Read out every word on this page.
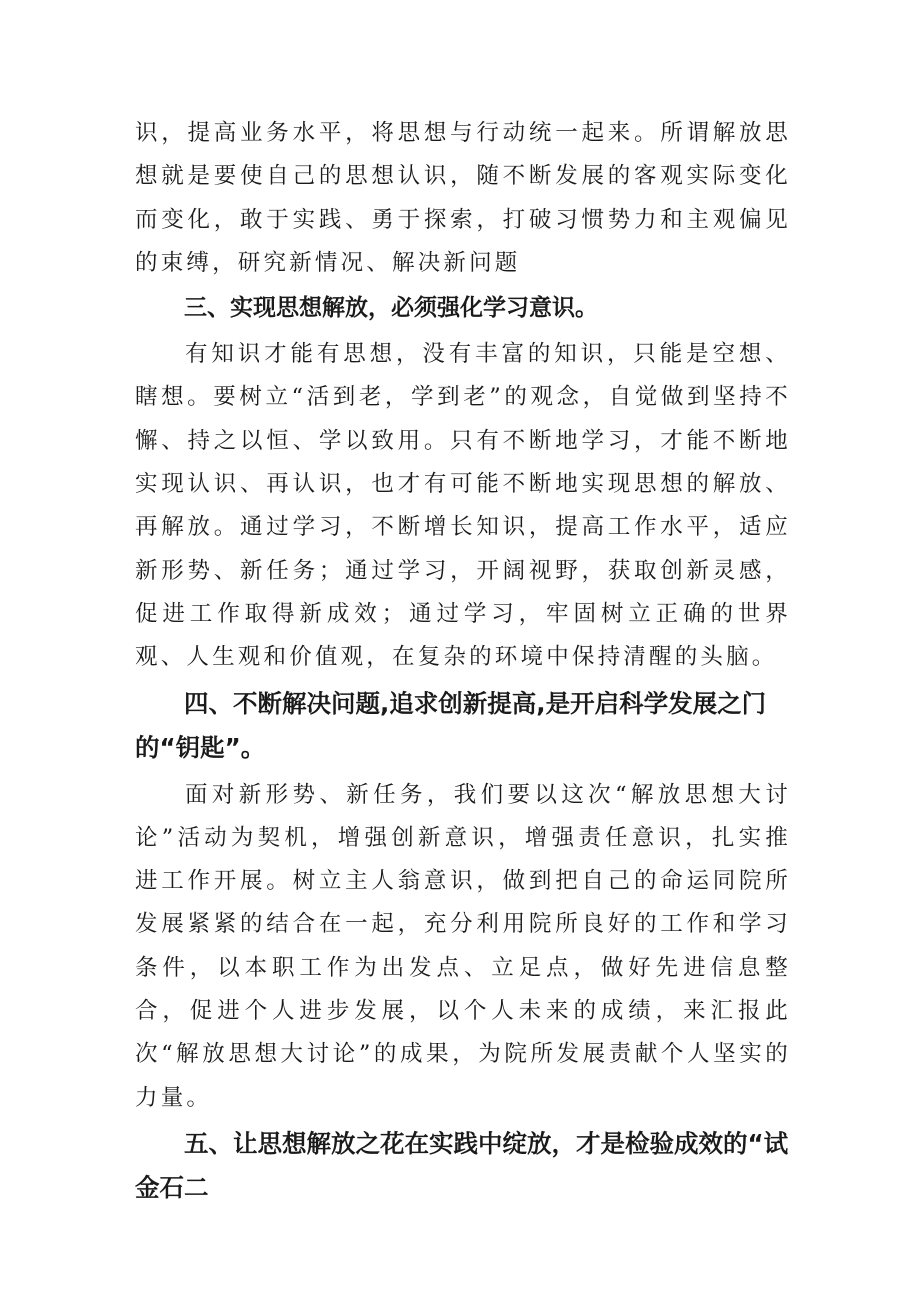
识，提高业务水平，将思想与行动统一起来。所谓解放思想就是要使自己的思想认识，随不断发展的客观实际变化而变化，敢于实践、勇于探索，打破习惯势力和主观偏见的束缚，研究新情况、解决新问题

三、实现思想解放，必须强化学习意识。

有知识才能有思想，没有丰富的知识，只能是空想、瞎想。要树立“活到老，学到老”的观念，自觉做到坚持不懈、持之以恒、学以致用。只有不断地学习，才能不断地实现认识、再认识，也才有可能不断地实现思想的解放、再解放。通过学习，不断增长知识，提高工作水平，适应新形势、新任务；通过学习，开阔视野，获取创新灵感，促进工作取得新成效；通过学习，牢固树立正确的世界观、人生观和价值观，在复杂的环境中保持清醒的头脑。

四、不断解决问题,追求创新提高,是开启科学发展之门的“钥匙”。

面对新形势、新任务，我们要以这次“解放思想大讨论”活动为契机，增强创新意识，增强责任意识，扎实推进工作开展。树立主人翁意识，做到把自己的命运同院所发展紧紧的结合在一起，充分利用院所良好的工作和学习条件，以本职工作为出发点、立足点，做好先进信息整合，促进个人进步发展，以个人未来的成绩，来汇报此次“解放思想大讨论”的成果，为院所发展责献个人坚实的力量。

五、让思想解放之花在实践中绽放，才是检验成效的“试金石二
